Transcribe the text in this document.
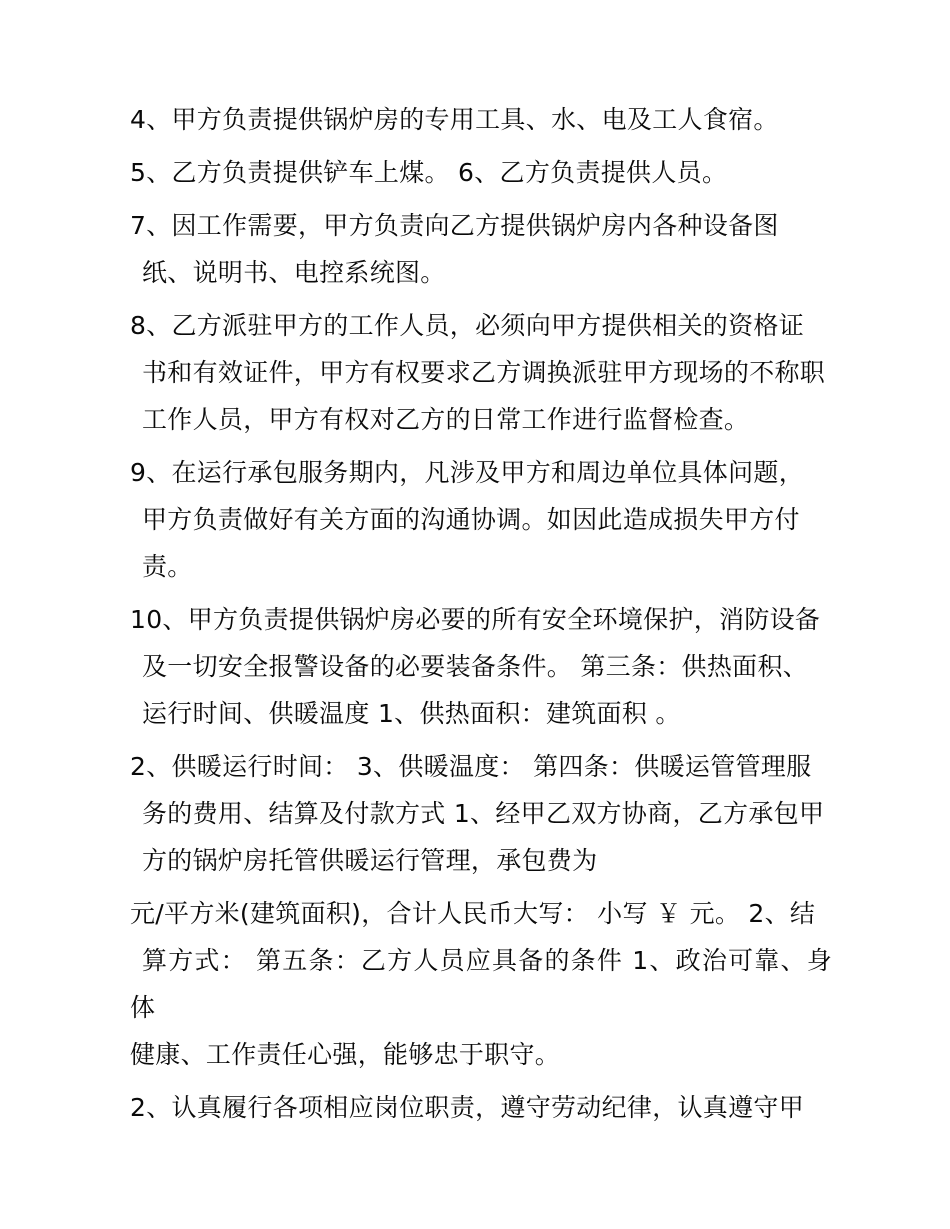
4、甲方负责提供锅炉房的专用工具、水、电及工人食宿。

5、乙方负责提供铲车上煤。 6、乙方负责提供人员。

7、因工作需要，甲方负责向乙方提供锅炉房内各种设备图
纸、说明书、电控系统图。

8、乙方派驻甲方的工作人员，必须向甲方提供相关的资格证
书和有效证件，甲方有权要求乙方调换派驻甲方现场的不称职
工作人员，甲方有权对乙方的日常工作进行监督检查。

9、在运行承包服务期内，凡涉及甲方和周边单位具体问题，
甲方负责做好有关方面的沟通协调。如因此造成损失甲方付
责。

10、甲方负责提供锅炉房必要的所有安全环境保护，消防设备
及一切安全报警设备的必要装备条件。 第三条：供热面积、
运行时间、供暖温度 1、供热面积：建筑面积 。

2、供暖运行时间： 3、供暖温度： 第四条：供暖运管管理服
务的费用、结算及付款方式 1、经甲乙双方协商，乙方承包甲
方的锅炉房托管供暖运行管理，承包费为

元/平方米(建筑面积)，合计人民币大写： 小写 ￥ 元。 2、结
算方式： 第五条：乙方人员应具备的条件 1、政治可靠、身体
健康、工作责任心强，能够忠于职守。

2、认真履行各项相应岗位职责，遵守劳动纪律，认真遵守甲
